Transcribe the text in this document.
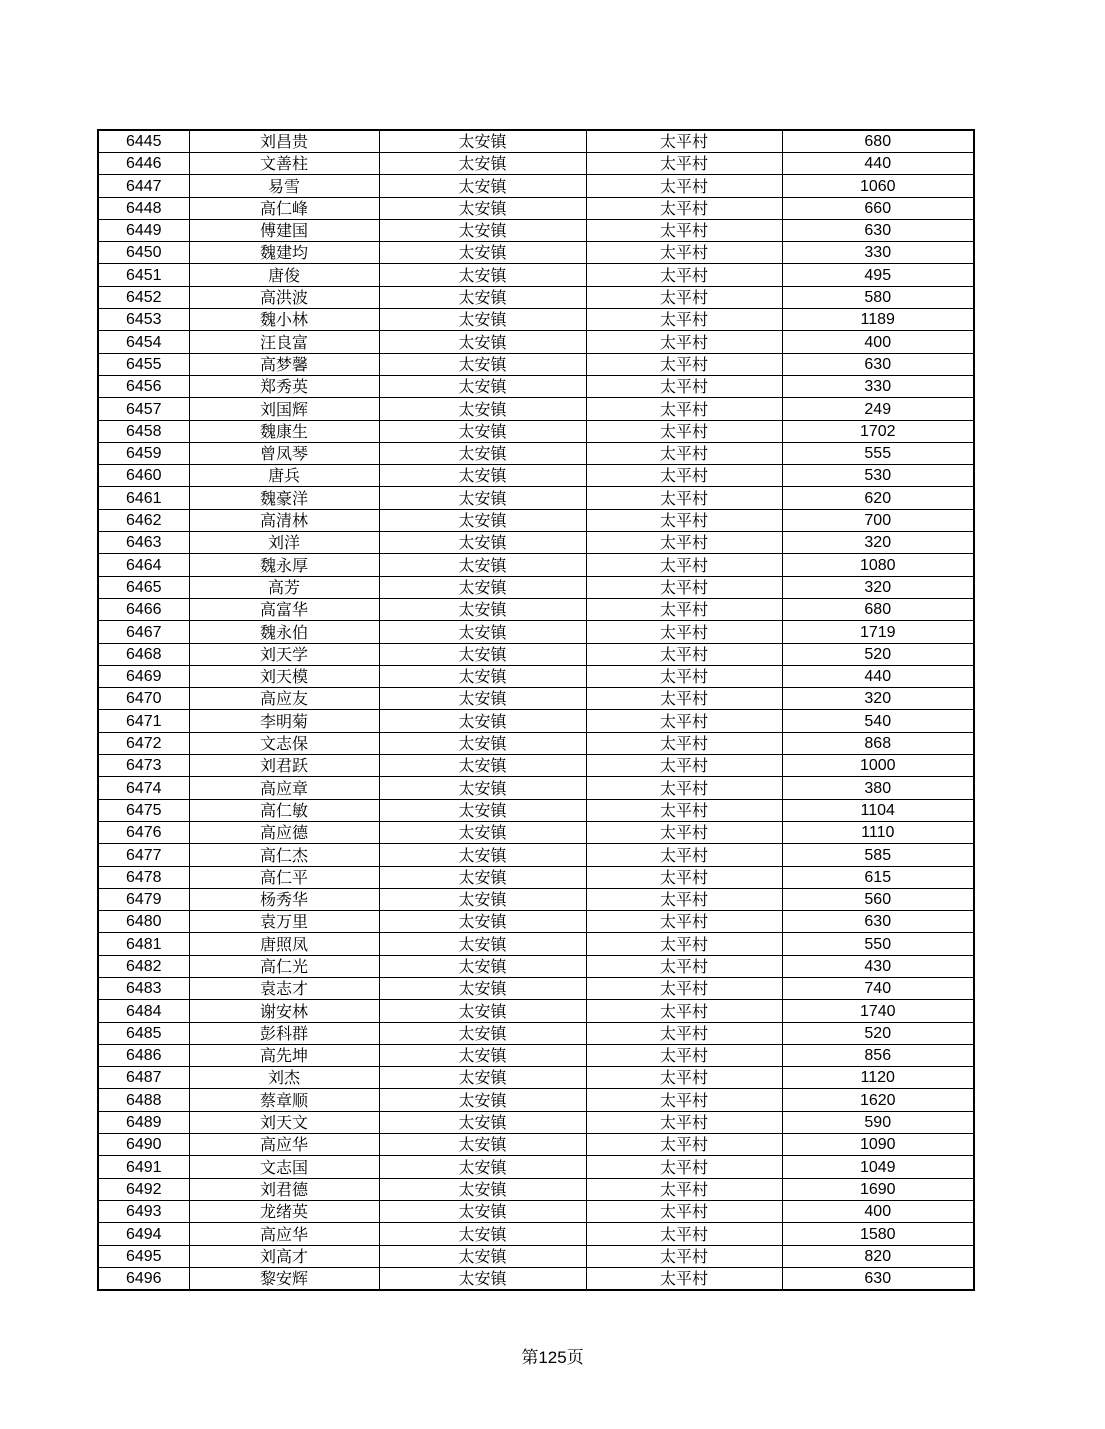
6445	刘昌贵	太安镇	太平村	680
6446	文善柱	太安镇	太平村	440
6447	易雪	太安镇	太平村	1060
6448	高仁峰	太安镇	太平村	660
6449	傅建国	太安镇	太平村	630
6450	魏建均	太安镇	太平村	330
6451	唐俊	太安镇	太平村	495
6452	高洪波	太安镇	太平村	580
6453	魏小林	太安镇	太平村	1189
6454	汪良富	太安镇	太平村	400
6455	高梦馨	太安镇	太平村	630
6456	郑秀英	太安镇	太平村	330
6457	刘国辉	太安镇	太平村	249
6458	魏康生	太安镇	太平村	1702
6459	曾凤琴	太安镇	太平村	555
6460	唐兵	太安镇	太平村	530
6461	魏豪洋	太安镇	太平村	620
6462	高清林	太安镇	太平村	700
6463	刘洋	太安镇	太平村	320
6464	魏永厚	太安镇	太平村	1080
6465	高芳	太安镇	太平村	320
6466	高富华	太安镇	太平村	680
6467	魏永伯	太安镇	太平村	1719
6468	刘天学	太安镇	太平村	520
6469	刘天模	太安镇	太平村	440
6470	高应友	太安镇	太平村	320
6471	李明菊	太安镇	太平村	540
6472	文志保	太安镇	太平村	868
6473	刘君跃	太安镇	太平村	1000
6474	高应章	太安镇	太平村	380
6475	高仁敏	太安镇	太平村	1104
6476	高应德	太安镇	太平村	1110
6477	高仁杰	太安镇	太平村	585
6478	高仁平	太安镇	太平村	615
6479	杨秀华	太安镇	太平村	560
6480	袁万里	太安镇	太平村	630
6481	唐照凤	太安镇	太平村	550
6482	高仁光	太安镇	太平村	430
6483	袁志才	太安镇	太平村	740
6484	谢安林	太安镇	太平村	1740
6485	彭科群	太安镇	太平村	520
6486	高先坤	太安镇	太平村	856
6487	刘杰	太安镇	太平村	1120
6488	蔡章顺	太安镇	太平村	1620
6489	刘天文	太安镇	太平村	590
6490	高应华	太安镇	太平村	1090
6491	文志国	太安镇	太平村	1049
6492	刘君德	太安镇	太平村	1690
6493	龙绪英	太安镇	太平村	400
6494	高应华	太安镇	太平村	1580
6495	刘高才	太安镇	太平村	820
6496	黎安辉	太安镇	太平村	630
第125页
